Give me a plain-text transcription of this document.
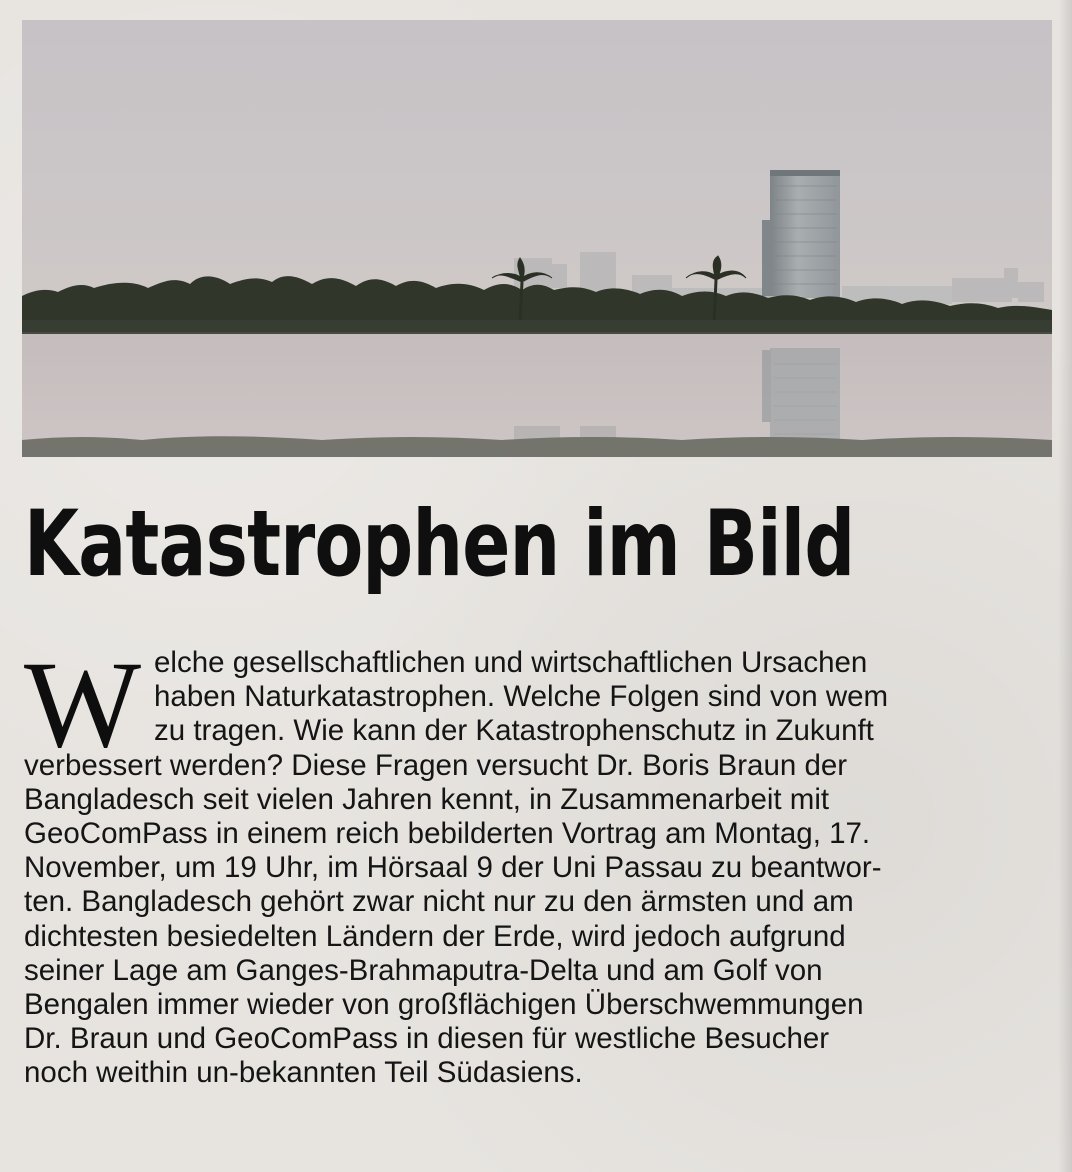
Katastrophen im Bild
W elche gesellschaftlichen und wirtschaftlichen Ursachen
haben Naturkatastrophen. Welche Folgen sind von wem
zu tragen. Wie kann der Katastrophenschutz in Zukunft
verbessert werden? Diese Fragen versucht Dr. Boris Braun der
Bangladesch seit vielen Jahren kennt, in Zusammenarbeit mit
GeoComPass in einem reich bebilderten Vortrag am Montag, 17.
November, um 19 Uhr, im Hörsaal 9 der Uni Passau zu beantwor-
ten. Bangladesch gehört zwar nicht nur zu den ärmsten und am
dichtesten besiedelten Ländern der Erde, wird jedoch aufgrund
seiner Lage am Ganges-Brahmaputra-Delta und am Golf von
Bengalen immer wieder von großflächigen Überschwemmungen
Dr. Braun und GeoComPass in diesen für westliche Besucher
noch weithin un-bekannten Teil Südasiens.
